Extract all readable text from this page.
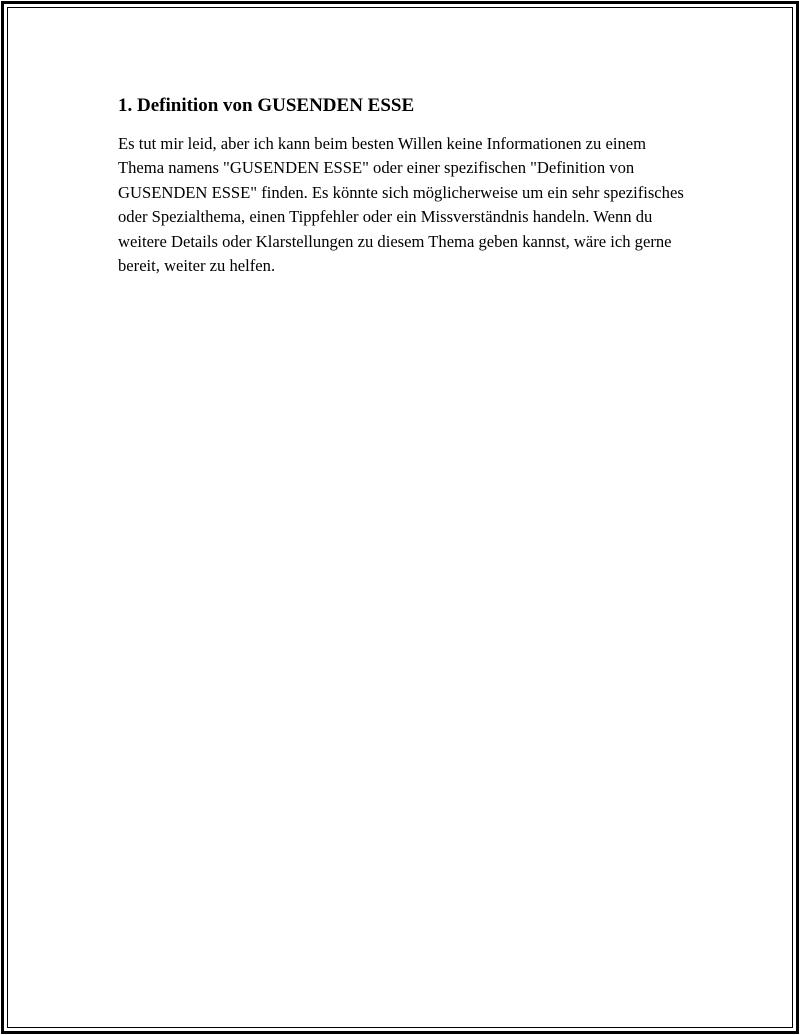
1. Definition von GUSENDEN ESSE

Es tut mir leid, aber ich kann beim besten Willen keine Informationen zu einem Thema namens "GUSENDEN ESSE" oder einer spezifischen "Definition von GUSENDEN ESSE" finden. Es könnte sich möglicherweise um ein sehr spezifisches oder Spezialthema, einen Tippfehler oder ein Missverständnis handeln. Wenn du weitere Details oder Klarstellungen zu diesem Thema geben kannst, wäre ich gerne bereit, weiter zu helfen.
